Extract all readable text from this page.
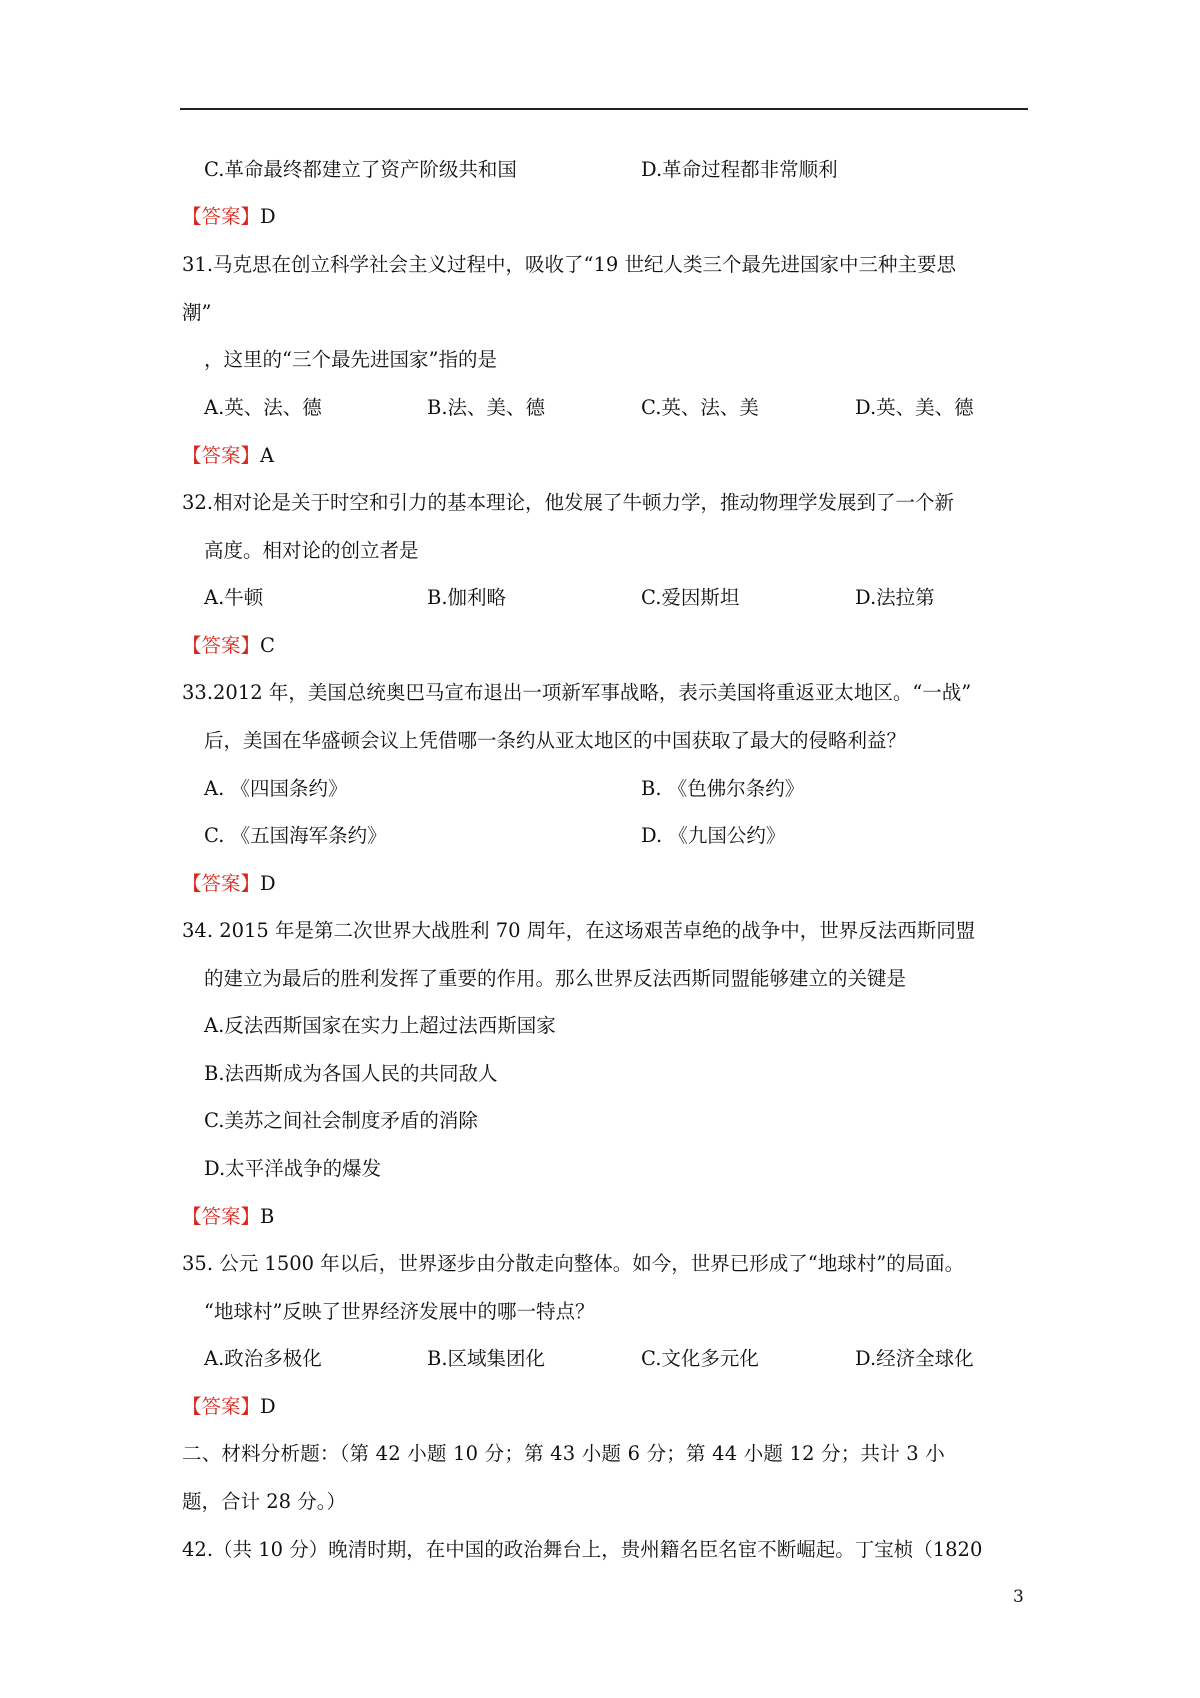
C.革命最终都建立了资产阶级共和国	D.革命过程都非常顺利
【答案】D
31.马克思在创立科学社会主义过程中，吸收了“19 世纪人类三个最先进国家中三种主要思
潮”
，这里的“三个最先进国家”指的是
A.英、法、德	B.法、美、德	C.英、法、美	D.英、美、德
【答案】A
32.相对论是关于时空和引力的基本理论，他发展了牛顿力学，推动物理学发展到了一个新
高度。相对论的创立者是
A.牛顿	B.伽利略	C.爱因斯坦	D.法拉第
【答案】C
33.2012 年，美国总统奥巴马宣布退出一项新军事战略，表示美国将重返亚太地区。“一战”
后，美国在华盛顿会议上凭借哪一条约从亚太地区的中国获取了最大的侵略利益？
A. 《四国条约》	B. 《色佛尔条约》
C. 《五国海军条约》	D. 《九国公约》
【答案】D
34. 2015 年是第二次世界大战胜利 70 周年，在这场艰苦卓绝的战争中，世界反法西斯同盟
的建立为最后的胜利发挥了重要的作用。那么世界反法西斯同盟能够建立的关键是
A.反法西斯国家在实力上超过法西斯国家
B.法西斯成为各国人民的共同敌人
C.美苏之间社会制度矛盾的消除
D.太平洋战争的爆发
【答案】B
35. 公元 1500 年以后，世界逐步由分散走向整体。如今，世界已形成了“地球村”的局面。
“地球村”反映了世界经济发展中的哪一特点？
A.政治多极化	B.区域集团化	C.文化多元化	D.经济全球化
【答案】D
二、材料分析题：（第 42 小题 10 分；第 43 小题 6 分；第 44 小题 12 分；共计 3 小
题，合计 28 分。）
42.（共 10 分）晚清时期，在中国的政治舞台上，贵州籍名臣名宦不断崛起。丁宝桢（1820
3
